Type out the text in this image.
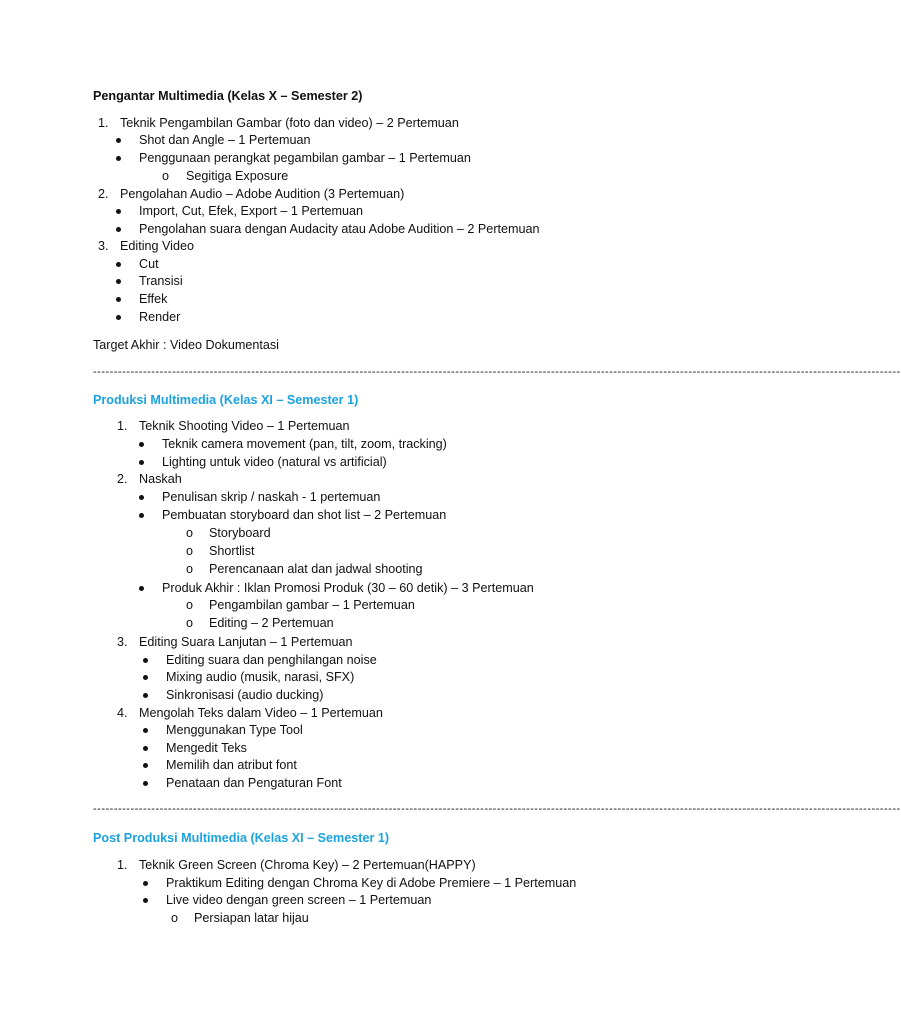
Pengantar Multimedia (Kelas X – Semester 2)
1. Teknik Pengambilan Gambar (foto dan video) – 2 Pertemuan
Shot dan Angle – 1 Pertemuan
Penggunaan perangkat pegambilan gambar – 1 Pertemuan
o Segitiga Exposure
2. Pengolahan Audio – Adobe Audition (3 Pertemuan)
Import, Cut, Efek, Export – 1 Pertemuan
Pengolahan suara dengan Audacity atau Adobe Audition – 2 Pertemuan
3. Editing Video
Cut
Transisi
Effek
Render
Target Akhir : Video Dokumentasi
--------------------------------------------------------------------------------------------------------------------------------------------------------------------------------------------------
Produksi Multimedia (Kelas XI – Semester 1)
1. Teknik Shooting Video – 1 Pertemuan
Teknik camera movement (pan, tilt, zoom, tracking)
Lighting untuk video (natural vs artificial)
2. Naskah
Penulisan skrip / naskah - 1 pertemuan
Pembuatan storyboard dan shot list – 2 Pertemuan
o Storyboard
o Shortlist
o Perencanaan alat dan jadwal shooting
Produk Akhir : Iklan Promosi Produk (30 – 60 detik) – 3 Pertemuan
o Pengambilan gambar – 1 Pertemuan
o Editing – 2 Pertemuan
3. Editing Suara Lanjutan – 1 Pertemuan
Editing suara dan penghilangan noise
Mixing audio (musik, narasi, SFX)
Sinkronisasi (audio ducking)
4. Mengolah Teks dalam Video – 1 Pertemuan
Menggunakan Type Tool
Mengedit Teks
Memilih dan atribut font
Penataan dan Pengaturan Font
--------------------------------------------------------------------------------------------------------------------------------------------------------------------------------------------------
Post Produksi Multimedia (Kelas XI – Semester 1)
1. Teknik Green Screen (Chroma Key) – 2 Pertemuan(HAPPY)
Praktikum Editing dengan Chroma Key di Adobe Premiere – 1 Pertemuan
Live video dengan green screen – 1 Pertemuan
o Persiapan latar hijau
